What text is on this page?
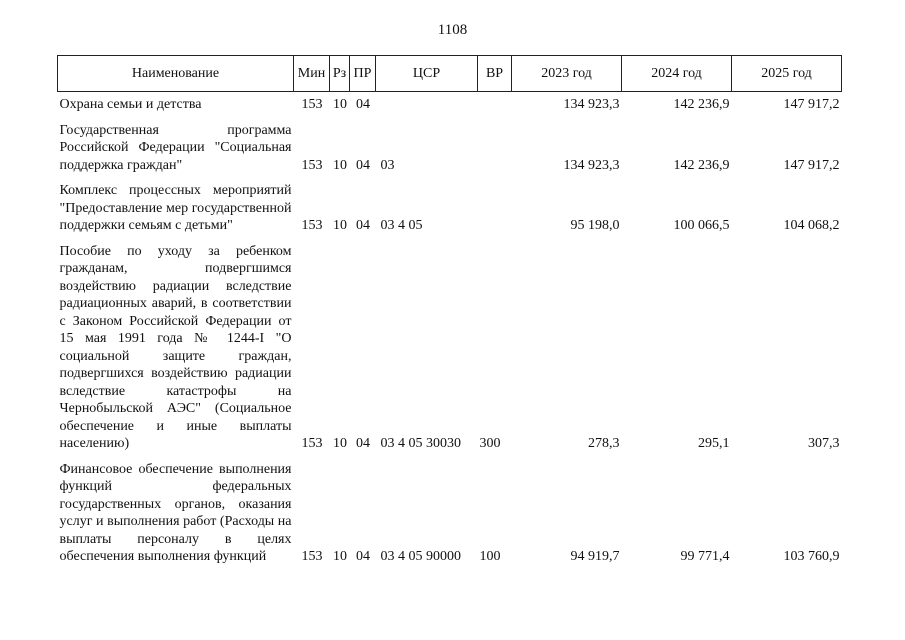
1108
Наименование	Мин	Рз	ПР	ЦСР	ВР	2023 год	2024 год	2025 год
Охрана семьи и детства	153	10	04			134 923,3	142 236,9	147 917,2

Государственная программа Российской Федерации "Социальная поддержка граждан"	153	10	04	03		134 923,3	142 236,9	147 917,2

Комплекс процессных мероприятий "Предоставление мер государственной поддержки семьям с детьми"	153	10	04	03 4 05		95 198,0	100 066,5	104 068,2

Пособие по уходу за ребенком гражданам, подвергшимся воздействию радиации вследствие радиационных аварий, в соответствии с Законом Российской Федерации от 15 мая 1991 года № 1244-I "О социальной защите граждан, подвергшихся воздействию радиации вследствие катастрофы на Чернобыльской АЭС" (Социальное обеспечение и иные выплаты населению)	153	10	04	03 4 05 30030	300	278,3	295,1	307,3

Финансовое обеспечение выполнения функций федеральных государственных органов, оказания услуг и выполнения работ (Расходы на выплаты персоналу в целях обеспечения выполнения функций	153	10	04	03 4 05 90000	100	94 919,7	99 771,4	103 760,9
